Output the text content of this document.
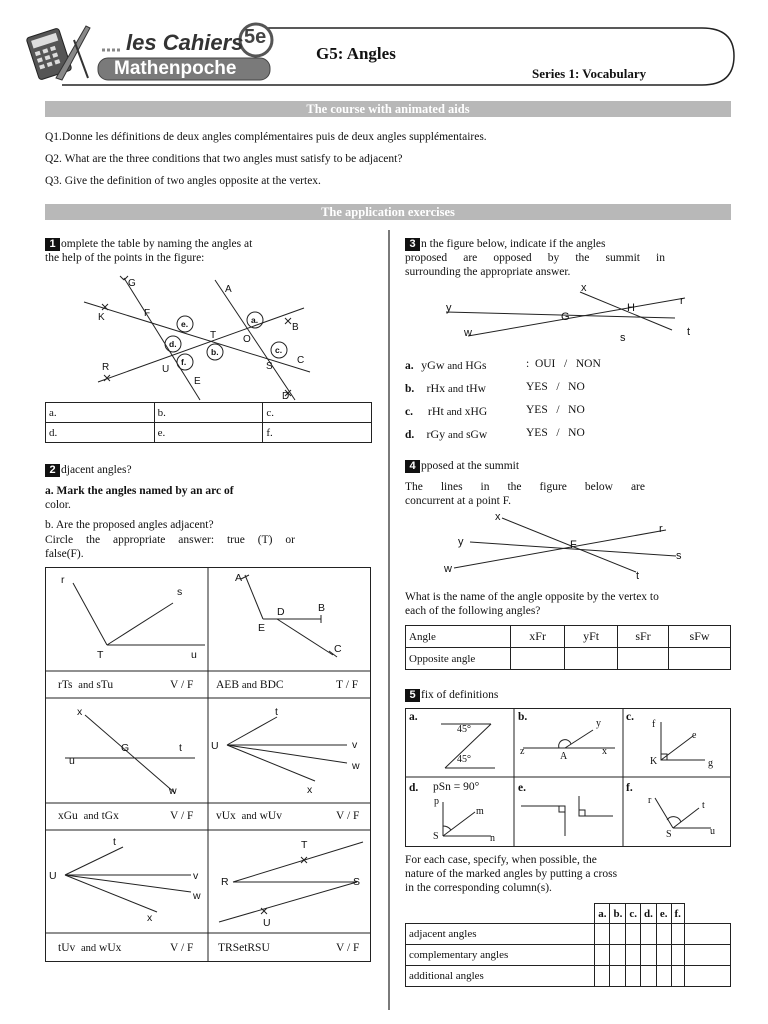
les Cahiers
Mathenpoche
5e
G5: Angles
Series 1: Vocabulary
The course with animated aids
Q1.Donne les définitions de deux angles complémentaires puis de deux angles supplémentaires.
Q2. What are the three conditions that two angles must satisfy to be adjacent?
Q3. Give the definition of two angles opposite at the vertex.
The application exercises
1 omplete the table by naming the angles at
the help of the points in the figure:
G
A
K	F
B
O
T
C
R	U	S
E
D
a.
b.	c.
d.
e.
f.
a.	b.	c.
d.	e.	f.
2 djacent angles?
a. Mark the angles named by an arc of
color.
b. Are the proposed angles adjacent?
Circle the appropriate answer: true (T) or
false(F).
r
s
T	u
A
D	B
E
C
x
G	t
u
w
t
U	v
w
x
t
U	v
w
x
T
R	S
U
rTs and sTu	V / F AEB and BDC	T / F
xGu and tGx	V / F vUx and wUv	V / F
tUv and wUx	V / F TRSetRSU	V / F
3 n the figure below, indicate if the angles
proposed are opposed by the summit in
surrounding the appropriate answer.
x
y
G
H
r
w	s	t
a. yGw and HGs	:  OUI   /   NON
b. rHx and tHw	YES   /   NO
c. rHt and xHG	YES   /   NO
d. rGy and sGw	YES   /   NO
4 pposed at the summit
The lines in the figure below are
concurrent at a point F.
x
y	F
r
s
w
t
What is the name of the angle opposite by the vertex to
each of the following angles?
Angle	xFr	yFt	sFr	sFw
Opposite angle				
5 fix of definitions
a.
45°
45°
b.
y
z	A	x
c.
f
e
K	g
d. pSn = 90°
p
m
S	n
e.	f.
r	t
S	u
For each case, specify, when possible, the
nature of the marked angles by putting a cross
in the corresponding column(s).
	a.	b.	c.	d.	e.	f.	
adjacent angles							
complementary angles							
additional angles							
